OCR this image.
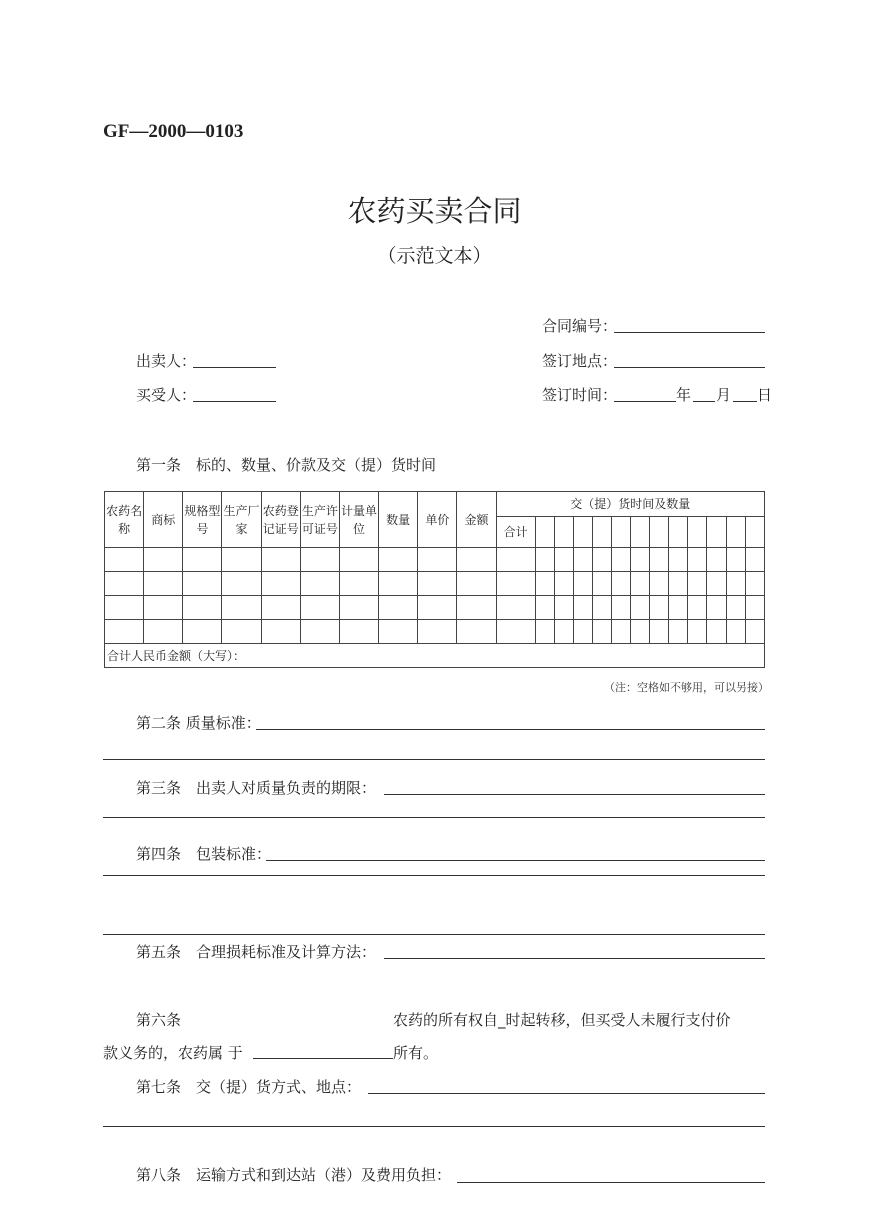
GF—2000—0103
农药买卖合同
（示范文本）
合同编号：
出卖人：	签订地点：
买受人：	签订时间：	年 月 日
第一条　标的、数量、价款及交（提）货时间
农药名称	商标	规格型号	生产厂家	农药登记证号	生产许可证号	计量单位	数量	单价	金额	交（提）货时间及数量												
										合计												

合计人民币金额（大写）：																						
（注：空格如不够用，可以另接）
第二条 质量标准：
第三条　出卖人对质量负责的期限：
第四条　包装标准：
第五条　合理损耗标准及计算方法：
第六条	农药的所有权自_时起转移，但买受人未履行支付价
款义务的，农药属 于	所有。
第七条　交（提）货方式、地点：
第八条　运输方式和到达站（港）及费用负担：
